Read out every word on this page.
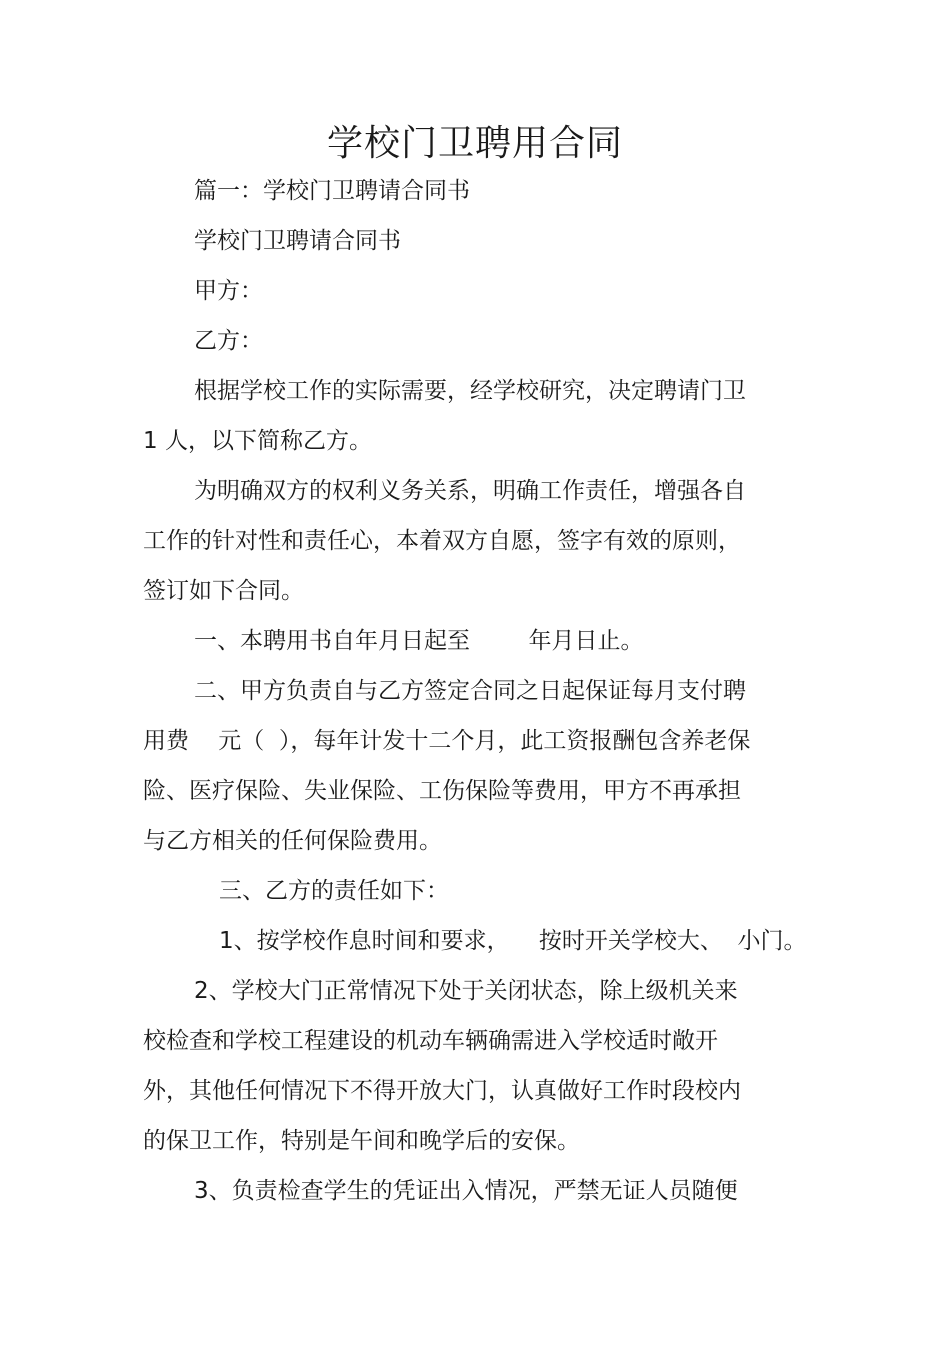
学校门卫聘用合同
篇一：学校门卫聘请合同书
学校门卫聘请合同书
甲方：
乙方：
根据学校工作的实际需要，经学校研究，决定聘请门卫
1 人，以下简称乙方。
为明确双方的权利义务关系，明确工作责任，增强各自
工作的针对性和责任心，本着双方自愿，签字有效的原则，
签订如下合同。
一、本聘用书自年月日起至        年月日止。
二、甲方负责自与乙方签定合同之日起保证每月支付聘
用费    元（  ），每年计发十二个月，此工资报酬包含养老保
险、医疗保险、失业保险、工伤保险等费用，甲方不再承担
与乙方相关的任何保险费用。
三、乙方的责任如下：
1、按学校作息时间和要求，    按时开关学校大、  小门。
2、学校大门正常情况下处于关闭状态，除上级机关来
校检查和学校工程建设的机动车辆确需进入学校适时敞开
外，其他任何情况下不得开放大门，认真做好工作时段校内
的保卫工作，特别是午间和晚学后的安保。
3、负责检查学生的凭证出入情况，严禁无证人员随便
